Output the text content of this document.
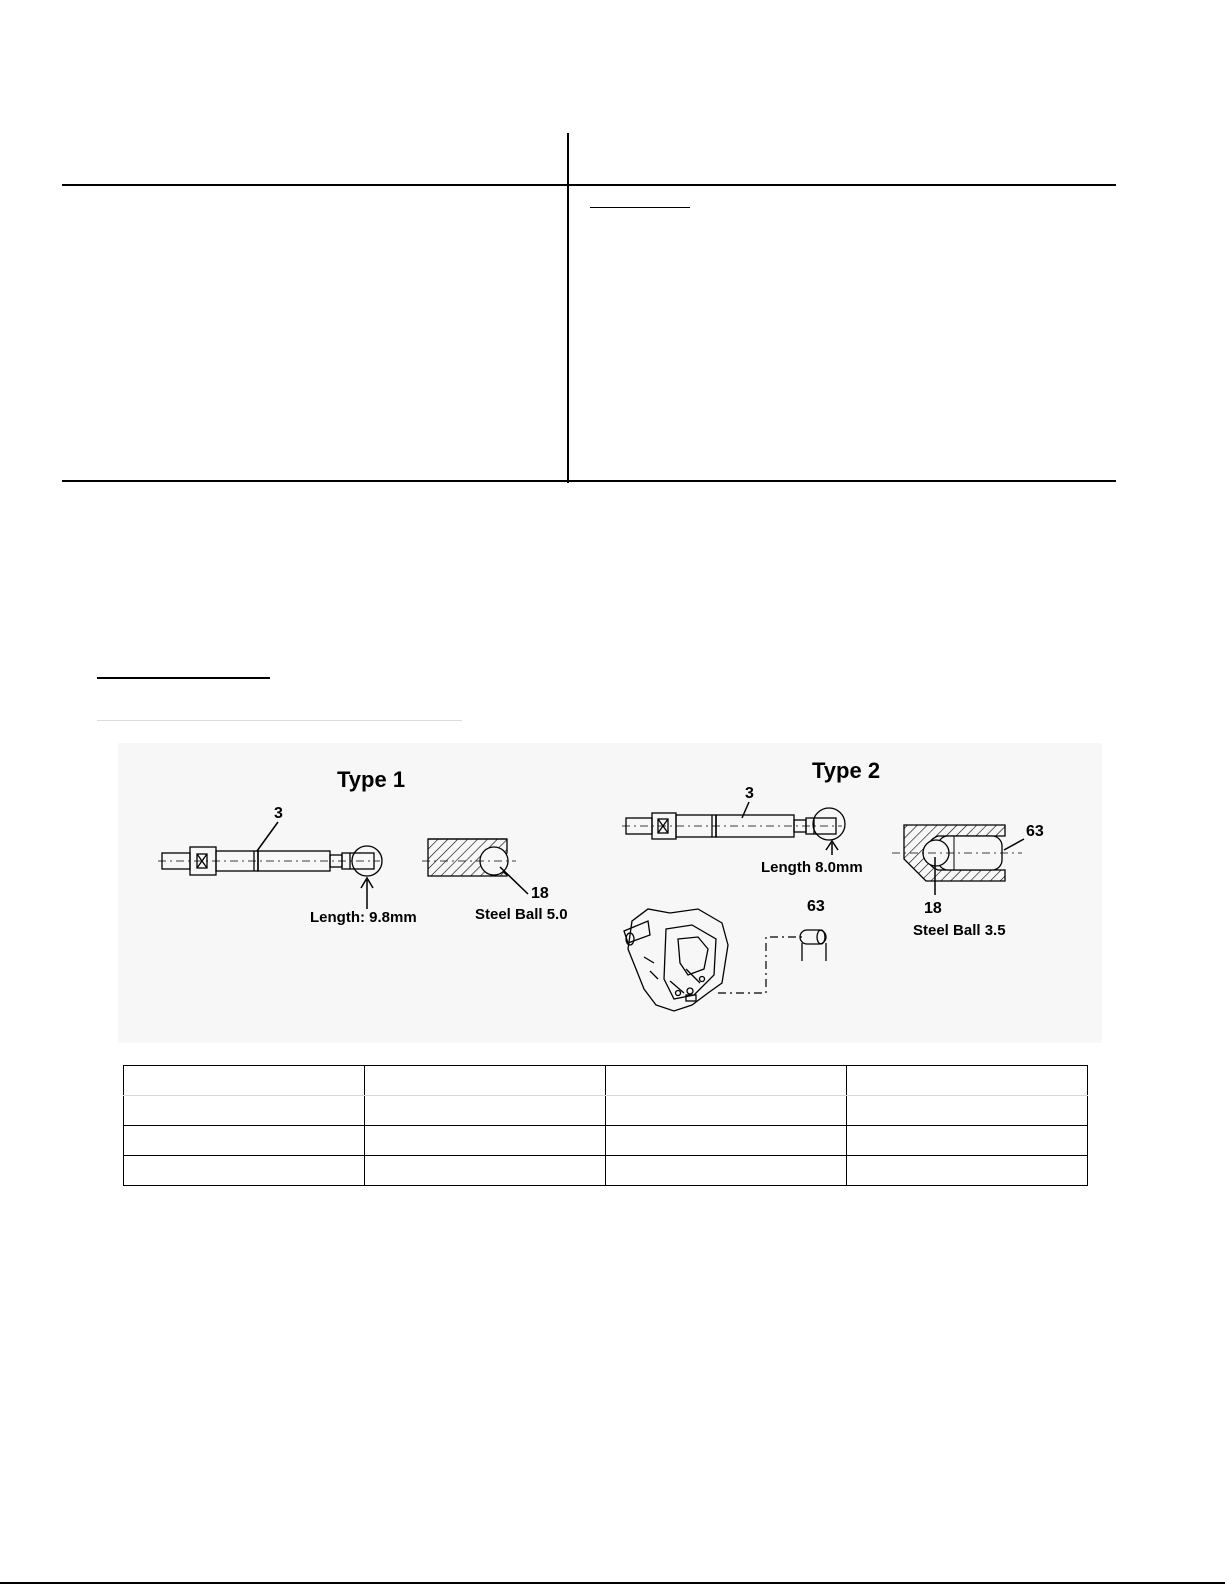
Type 1
3
Length: 9.8mm
18
Steel Ball 5.0
Type 2
3
Length 8.0mm
63
18
Steel Ball 3.5
63
